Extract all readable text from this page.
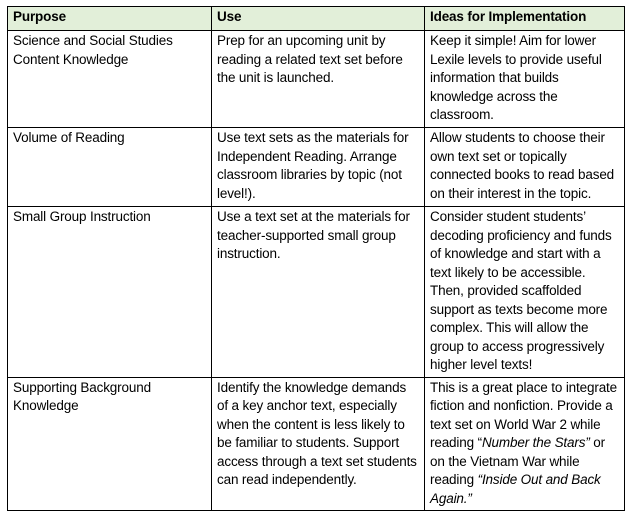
Purpose	Use	Ideas for Implementation
Science and Social Studies Content Knowledge	Prep for an upcoming unit by reading a related text set before the unit is launched.	Keep it simple! Aim for lower Lexile levels to provide useful information that builds knowledge across the classroom.
Volume of Reading	Use text sets as the materials for Independent Reading. Arrange classroom libraries by topic (not level!).	Allow students to choose their own text set or topically connected books to read based on their interest in the topic.
Small Group Instruction	Use a text set at the materials for teacher-supported small group instruction.	Consider student students’ decoding proficiency and funds of knowledge and start with a text likely to be accessible. Then, provided scaffolded support as texts become more complex. This will allow the group to access progressively higher level texts!
Supporting Background Knowledge	Identify the knowledge demands of a key anchor text, especially when the content is less likely to be familiar to students. Support access through a text set students can read independently.	This is a great place to integrate fiction and nonfiction. Provide a text set on World War 2 while reading “Number the Stars” or on the Vietnam War while reading “Inside Out and Back Again.”
